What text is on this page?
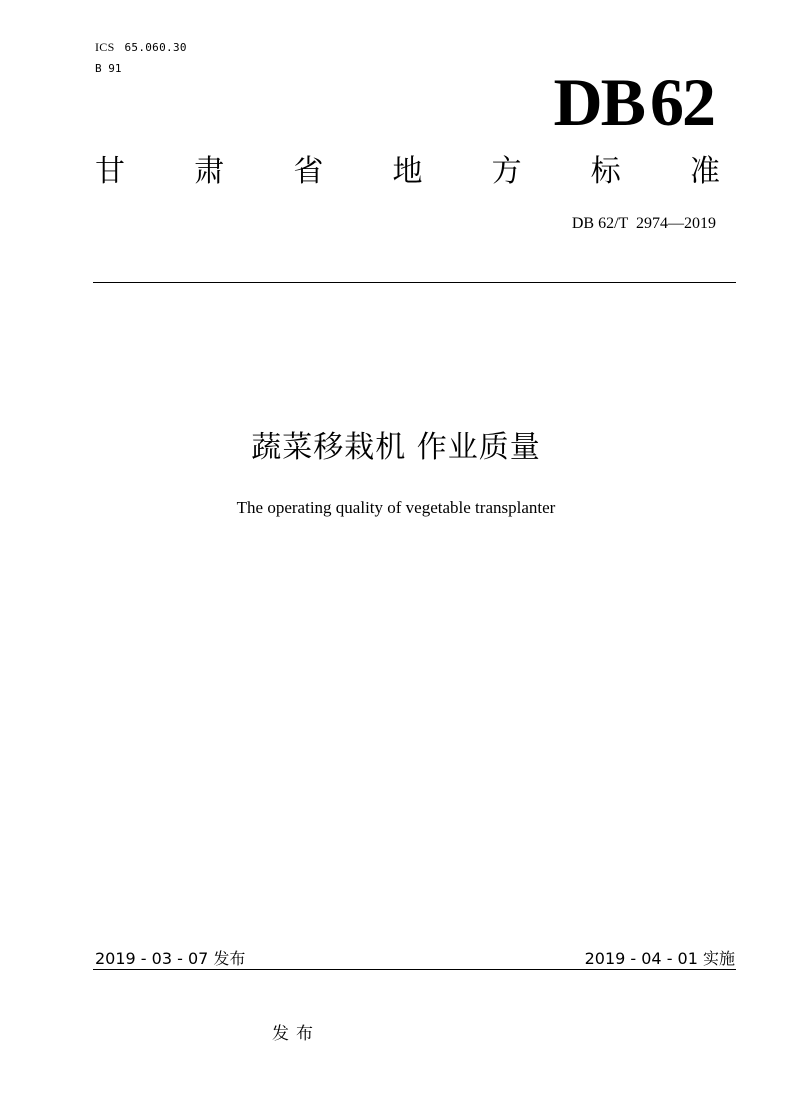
ICS 65.060.30
B 91	DB62
甘 肃 省 地 方 标 准
DB 62/T  2974—2019
蔬菜移栽机 作业质量
The operating quality of vegetable transplanter
2019 - 03 - 07 发布	2019 - 04 - 01 实施
发布
